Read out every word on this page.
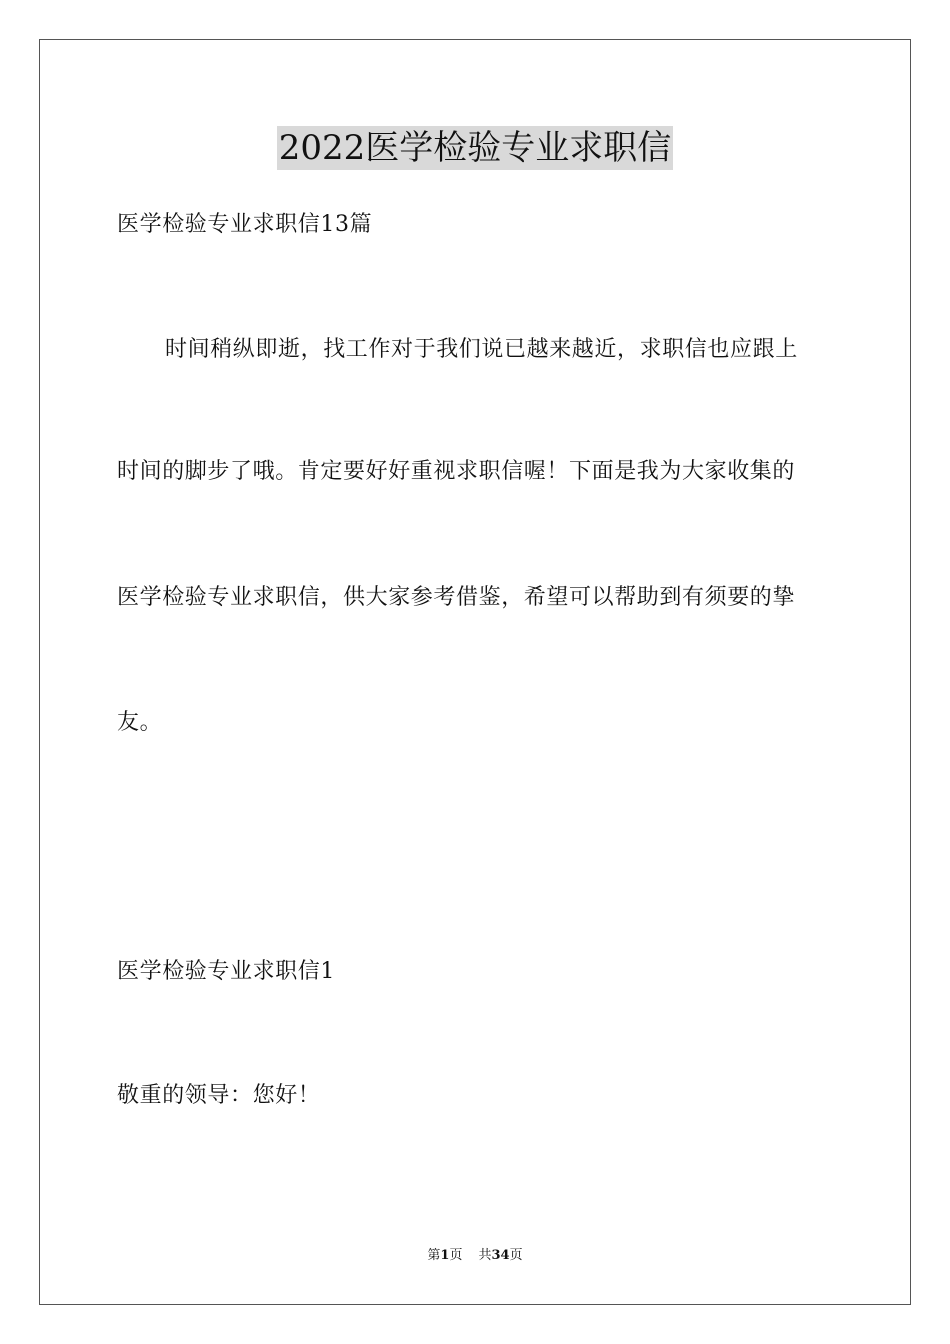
2022医学检验专业求职信
医学检验专业求职信13篇
时间稍纵即逝，找工作对于我们说已越来越近，求职信也应跟上
时间的脚步了哦。肯定要好好重视求职信喔！下面是我为大家收集的
医学检验专业求职信，供大家参考借鉴，希望可以帮助到有须要的挚
友。
医学检验专业求职信1
敬重的领导：您好！
第1页 共34页
